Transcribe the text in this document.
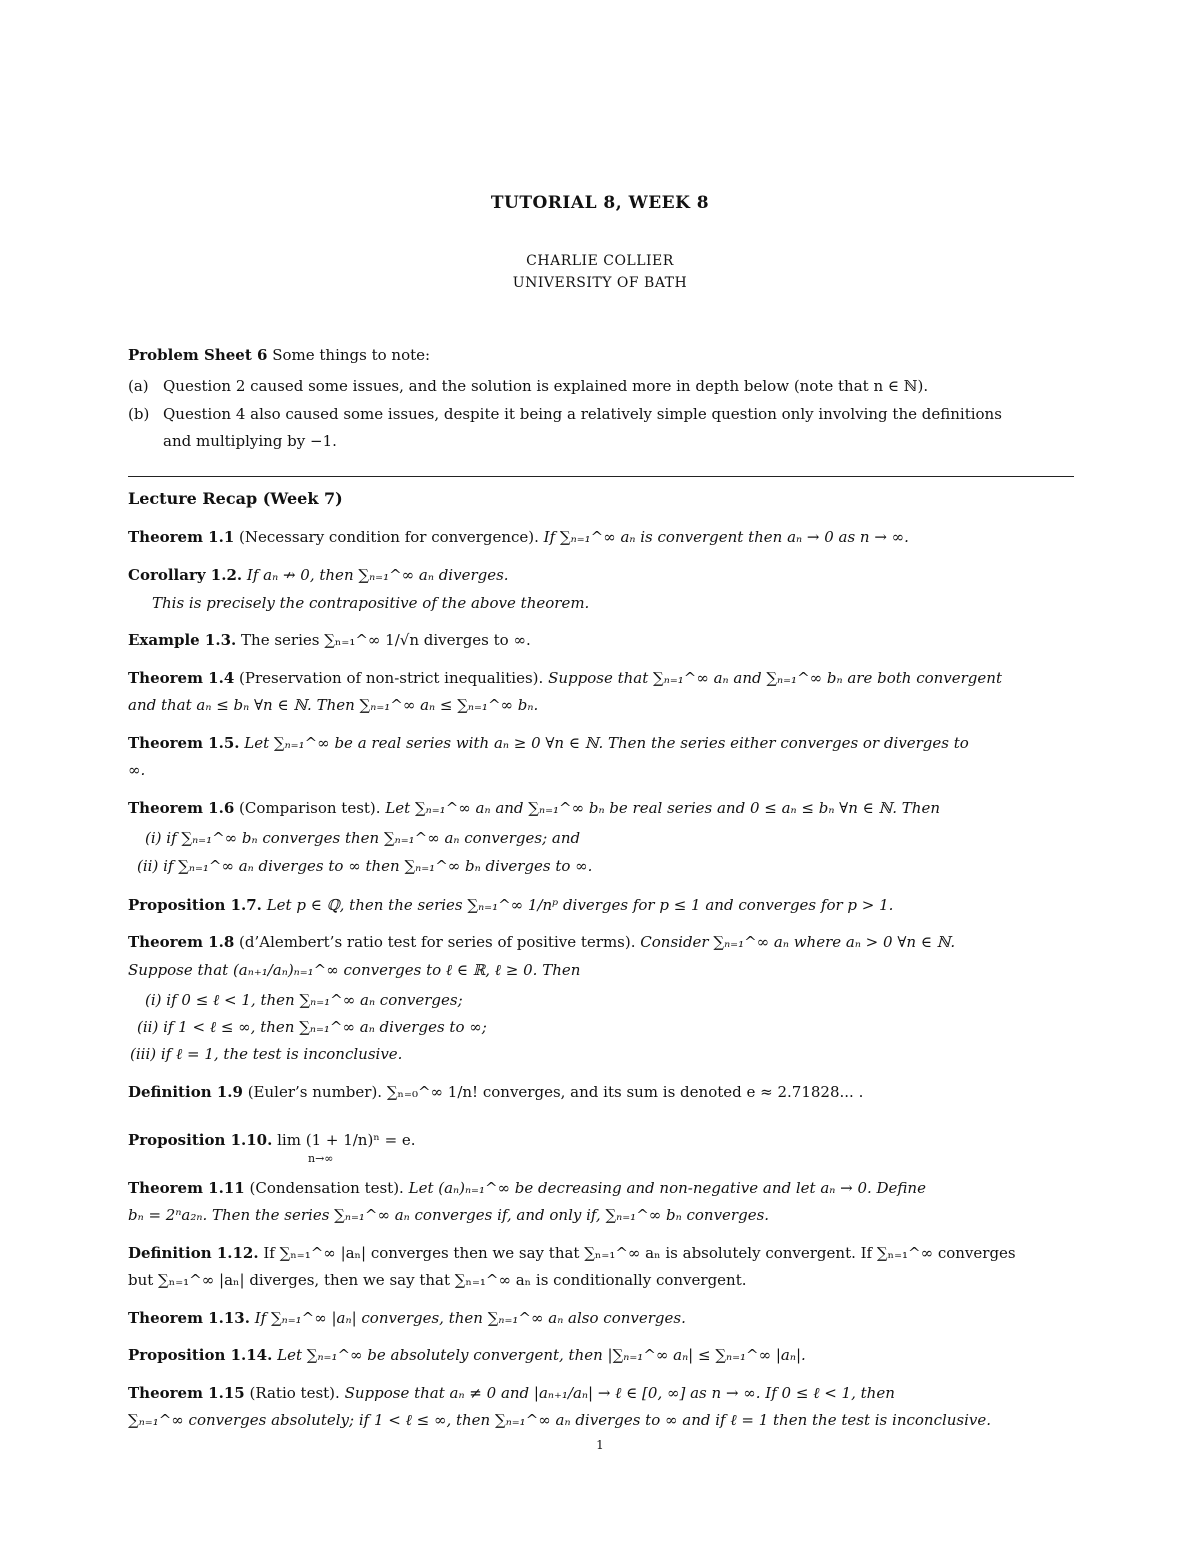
TUTORIAL 8, WEEK 8
CHARLIE COLLIER
UNIVERSITY OF BATH
Problem Sheet 6 Some things to note:
(a) Question 2 caused some issues, and the solution is explained more in depth below (note that n ∈ ℕ).
(b) Question 4 also caused some issues, despite it being a relatively simple question only involving the definitions
and multiplying by −1.
Lecture Recap (Week 7)
Theorem 1.1 (Necessary condition for convergence). If ∑ₙ₌₁^∞ aₙ is convergent then aₙ → 0 as n → ∞.
Corollary 1.2. If aₙ ↛ 0, then ∑ₙ₌₁^∞ aₙ diverges.
This is precisely the contrapositive of the above theorem.
Example 1.3. The series ∑ₙ₌₁^∞ 1/√n diverges to ∞.
Theorem 1.4 (Preservation of non-strict inequalities). Suppose that ∑ₙ₌₁^∞ aₙ and ∑ₙ₌₁^∞ bₙ are both convergent
and that aₙ ≤ bₙ ∀n ∈ ℕ. Then ∑ₙ₌₁^∞ aₙ ≤ ∑ₙ₌₁^∞ bₙ.
Theorem 1.5. Let ∑ₙ₌₁^∞ be a real series with aₙ ≥ 0 ∀n ∈ ℕ. Then the series either converges or diverges to
∞.
Theorem 1.6 (Comparison test). Let ∑ₙ₌₁^∞ aₙ and ∑ₙ₌₁^∞ bₙ be real series and 0 ≤ aₙ ≤ bₙ ∀n ∈ ℕ. Then
(i) if ∑ₙ₌₁^∞ bₙ converges then ∑ₙ₌₁^∞ aₙ converges; and
(ii) if ∑ₙ₌₁^∞ aₙ diverges to ∞ then ∑ₙ₌₁^∞ bₙ diverges to ∞.
Proposition 1.7. Let p ∈ ℚ, then the series ∑ₙ₌₁^∞ 1/nᵖ diverges for p ≤ 1 and converges for p > 1.
Theorem 1.8 (d’Alembert’s ratio test for series of positive terms). Consider ∑ₙ₌₁^∞ aₙ where aₙ > 0 ∀n ∈ ℕ.
Suppose that (aₙ₊₁/aₙ)ₙ₌₁^∞ converges to ℓ ∈ ℝ, ℓ ≥ 0. Then
(i) if 0 ≤ ℓ < 1, then ∑ₙ₌₁^∞ aₙ converges;
(ii) if 1 < ℓ ≤ ∞, then ∑ₙ₌₁^∞ aₙ diverges to ∞;
(iii) if ℓ = 1, the test is inconclusive.
Definition 1.9 (Euler’s number). ∑ₙ₌₀^∞ 1/n! converges, and its sum is denoted e ≈ 2.71828... .
Proposition 1.10. lim (1 + 1/n)ⁿ = e.
n→∞
Theorem 1.11 (Condensation test). Let (aₙ)ₙ₌₁^∞ be decreasing and non-negative and let aₙ → 0. Define
bₙ = 2ⁿa₂ₙ. Then the series ∑ₙ₌₁^∞ aₙ converges if, and only if, ∑ₙ₌₁^∞ bₙ converges.
Definition 1.12. If ∑ₙ₌₁^∞ |aₙ| converges then we say that ∑ₙ₌₁^∞ aₙ is absolutely convergent. If ∑ₙ₌₁^∞ converges
but ∑ₙ₌₁^∞ |aₙ| diverges, then we say that ∑ₙ₌₁^∞ aₙ is conditionally convergent.
Theorem 1.13. If ∑ₙ₌₁^∞ |aₙ| converges, then ∑ₙ₌₁^∞ aₙ also converges.
Proposition 1.14. Let ∑ₙ₌₁^∞ be absolutely convergent, then |∑ₙ₌₁^∞ aₙ| ≤ ∑ₙ₌₁^∞ |aₙ|.
Theorem 1.15 (Ratio test). Suppose that aₙ ≠ 0 and |aₙ₊₁/aₙ| → ℓ ∈ [0, ∞] as n → ∞. If 0 ≤ ℓ < 1, then
∑ₙ₌₁^∞ converges absolutely; if 1 < ℓ ≤ ∞, then ∑ₙ₌₁^∞ aₙ diverges to ∞ and if ℓ = 1 then the test is inconclusive.
1
